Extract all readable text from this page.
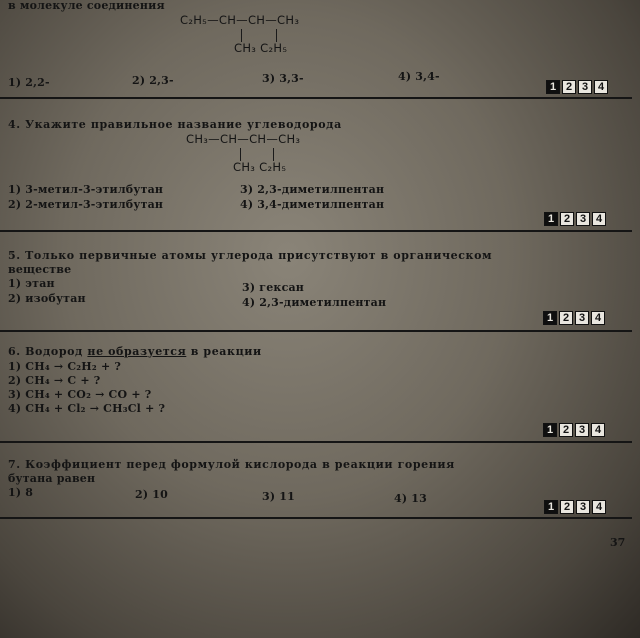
в молекуле соединения
C₂H₅—CH—CH—CH₃
CH₃ C₂H₅
1) 2,2-	2) 2,3-	3) 3,3-	4) 3,4-
1 2 3 4
4. Укажите правильное название углеводорода
CH₃—CH—CH—CH₃
CH₃ C₂H₅
1) 3-метил-3-этилбутан
2) 2-метил-3-этилбутан
3) 2,3-диметилпентан
4) 3,4-диметилпентан
1 2 3 4
5. Только первичные атомы углерода присутствуют в органическом
веществе
1) этан
2) изобутан
3) гексан
4) 2,3-диметилпентан
1 2 3 4
6. Водород не образуется в реакции
1) CH₄ → C₂H₂ + ?
2) CH₄ → C + ?
3) CH₄ + CO₂ → CO + ?
4) CH₄ + Cl₂ → CH₃Cl + ?
1 2 3 4
7. Коэффициент перед формулой кислорода в реакции горения
бутана равен
1) 8	2) 10	3) 11	4) 13
1 2 3 4
37
